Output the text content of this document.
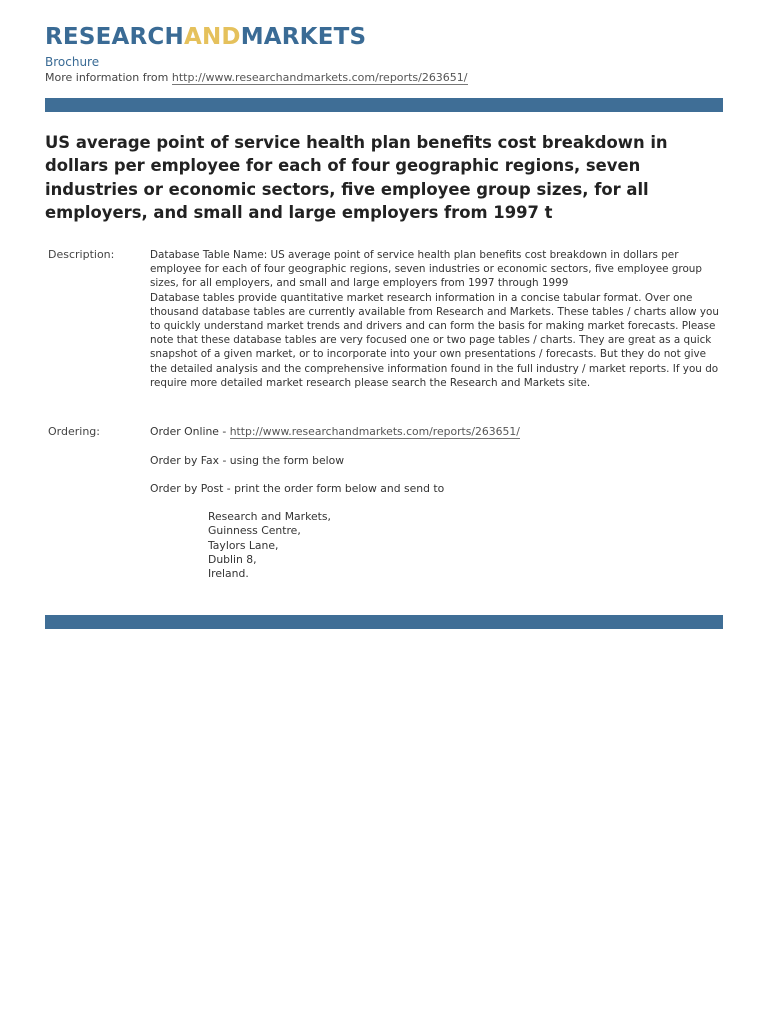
RESEARCHANDMARKETS
Brochure
More information from http://www.researchandmarkets.com/reports/263651/
US average point of service health plan benefits cost breakdown in dollars per employee for each of four geographic regions, seven industries or economic sectors, five employee group sizes, for all employers, and small and large employers from 1997 t
Description:	Database Table Name: US average point of service health plan benefits cost breakdown in dollars per employee for each of four geographic regions, seven industries or economic sectors, five employee group sizes, for all employers, and small and large employers from 1997 through 1999

Database tables provide quantitative market research information in a concise tabular format. Over one thousand database tables are currently available from Research and Markets. These tables / charts allow you to quickly understand market trends and drivers and can form the basis for making market forecasts. Please note that these database tables are very focused one or two page tables / charts. They are great as a quick snapshot of a given market, or to incorporate into your own presentations / forecasts. But they do not give the detailed analysis and the comprehensive information found in the full industry / market reports. If you do require more detailed market research please search the Research and Markets site.

Ordering:	Order Online - http://www.researchandmarkets.com/reports/263651/
Order by Fax - using the form below
Order by Post - print the order form below and send to
Research and Markets,
Guinness Centre,
Taylors Lane,
Dublin 8,
Ireland.
